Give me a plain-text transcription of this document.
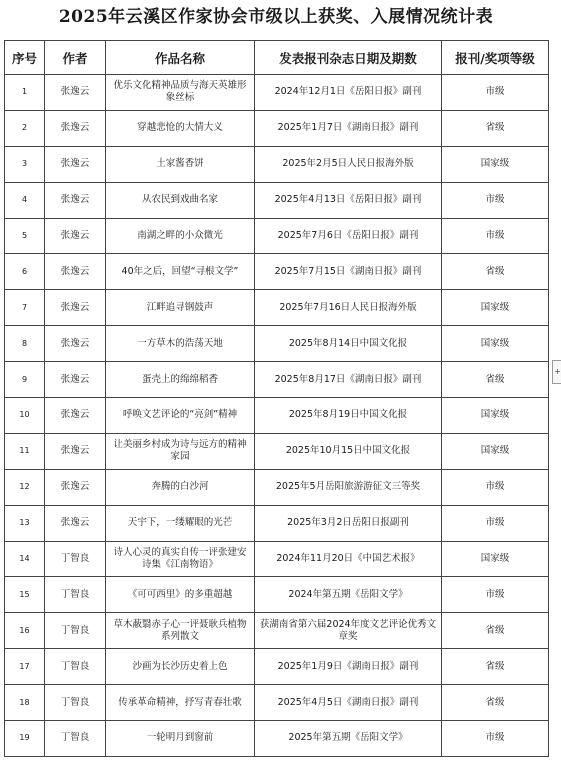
2025年云溪区作家协会市级以上获奖、入展情况统计表
序号	作者	作品名称	发表报刊杂志日期及期数	报刊/奖项等级
1	张逸云	优乐文化精神品质与海天英雄形象丝标	2024年12月1日《岳阳日报》副刊	市级
2	张逸云	穿越悲怆的大情大义	2025年1月7日《湖南日报》副刊	省级
3	张逸云	土家酱香饼	2025年2月5日人民日报海外版	国家级
4	张逸云	从农民到戏曲名家	2025年4月13日《岳阳日报》副刊	市级
5	张逸云	南湖之畔的小众微光	2025年7月6日《岳阳日报》副刊	市级
6	张逸云	40年之后，回望“寻根文学”	2025年7月15日《湖南日报》副刊	省级
7	张逸云	江畔追寻钢鼓声	2025年7月16日人民日报海外版	国家级
8	张逸云	一方草木的浩荡天地	2025年8月14日中国文化报	国家级
9	张逸云	蛋壳上的绵绵稻香	2025年8月17日《湖南日报》副刊	省级
10	张逸云	呼唤文艺评论的“亮剑”精神	2025年8月19日中国文化报	国家级
11	张逸云	让美丽乡村成为诗与远方的精神家园	2025年10月15日中国文化报	国家级
12	张逸云	奔腾的白沙河	2025年5月岳阳旅游游征文三等奖	市级
13	张逸云	天宇下，一缕耀眼的光芒	2025年3月2日岳阳日报副刊	市级
14	丁智良	诗人心灵的真实自传一评张建安诗集《江南物语》	2024年11月20日《中国艺术报》	国家级
15	丁智良	《可可西里》的多重超越	2024年第五期《岳阳文学》	市级
16	丁智良	草木蔽翳赤子心一评聂耿兵植物系列散文	获湖南省第六届2024年度文艺评论优秀文章奖	省级
17	丁智良	沙画为长沙历史着上色	2025年1月9日《湖南日报》副刊	省级
18	丁智良	传承革命精神，抒写青春壮歌	2025年4月5日《湖南日报》副刊	省级
19	丁智良	一轮明月到窗前	2025年第五期《岳阳文学》	市级
+
